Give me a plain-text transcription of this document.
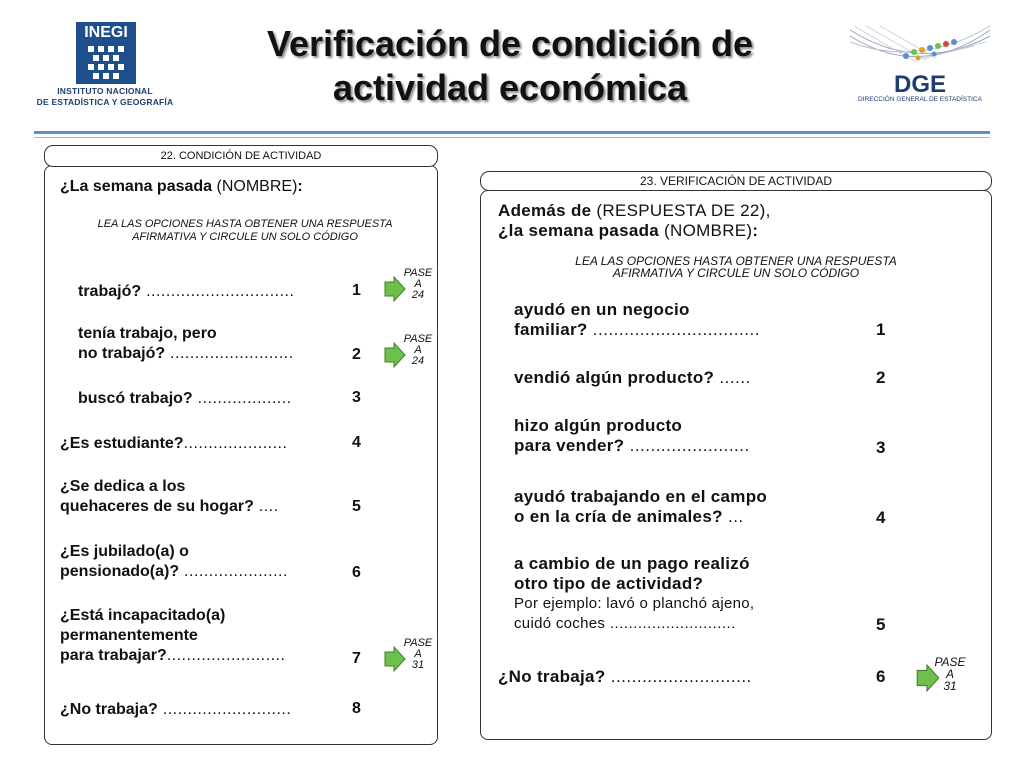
INEGI
INSTITUTO NACIONAL
DE ESTADÍSTICA Y GEOGRAFÍA
Verificación de condición de
actividad económica	DGE
DIRECCIÓN GENERAL DE ESTADÍSTICA
22. CONDICIÓN DE ACTIVIDAD
¿La semana pasada (NOMBRE):
LEA LAS OPCIONES HASTA OBTENER UNA RESPUESTA
AFIRMATIVA Y CIRCULE UN SOLO CÓDIGO
trabajó? ..............................	1
tenía trabajo, pero
no trabajó? .........................	2
buscó trabajo? ...................	3
¿Es estudiante?.....................	4
¿Se dedica a los
quehaceres de su hogar? ....	5
¿Es jubilado(a) o
pensionado(a)? .....................	6
¿Está incapacitado(a)
permanentemente
para trabajar?........................	7
¿No trabaja? ..........................	8
PASE
A
24
PASE
A
24
PASE
A
31
23. VERIFICACIÓN DE ACTIVIDAD
Además de (RESPUESTA DE 22),
¿la semana pasada (NOMBRE):
LEA LAS OPCIONES HASTA OBTENER UNA RESPUESTA
AFIRMATIVA Y CIRCULE UN SOLO CÓDIGO
ayudó en un negocio
familiar? ................................	1
vendió algún producto? ......	2
hizo algún producto
para vender? .......................	3
ayudó trabajando en el campo
o en la cría de animales? ...	4
a cambio de un pago realizó
otro tipo de actividad?
Por ejemplo: lavó o planchó ajeno,
cuidó coches ...........................	5
¿No trabaja? ...........................	6
PASE
A
31
